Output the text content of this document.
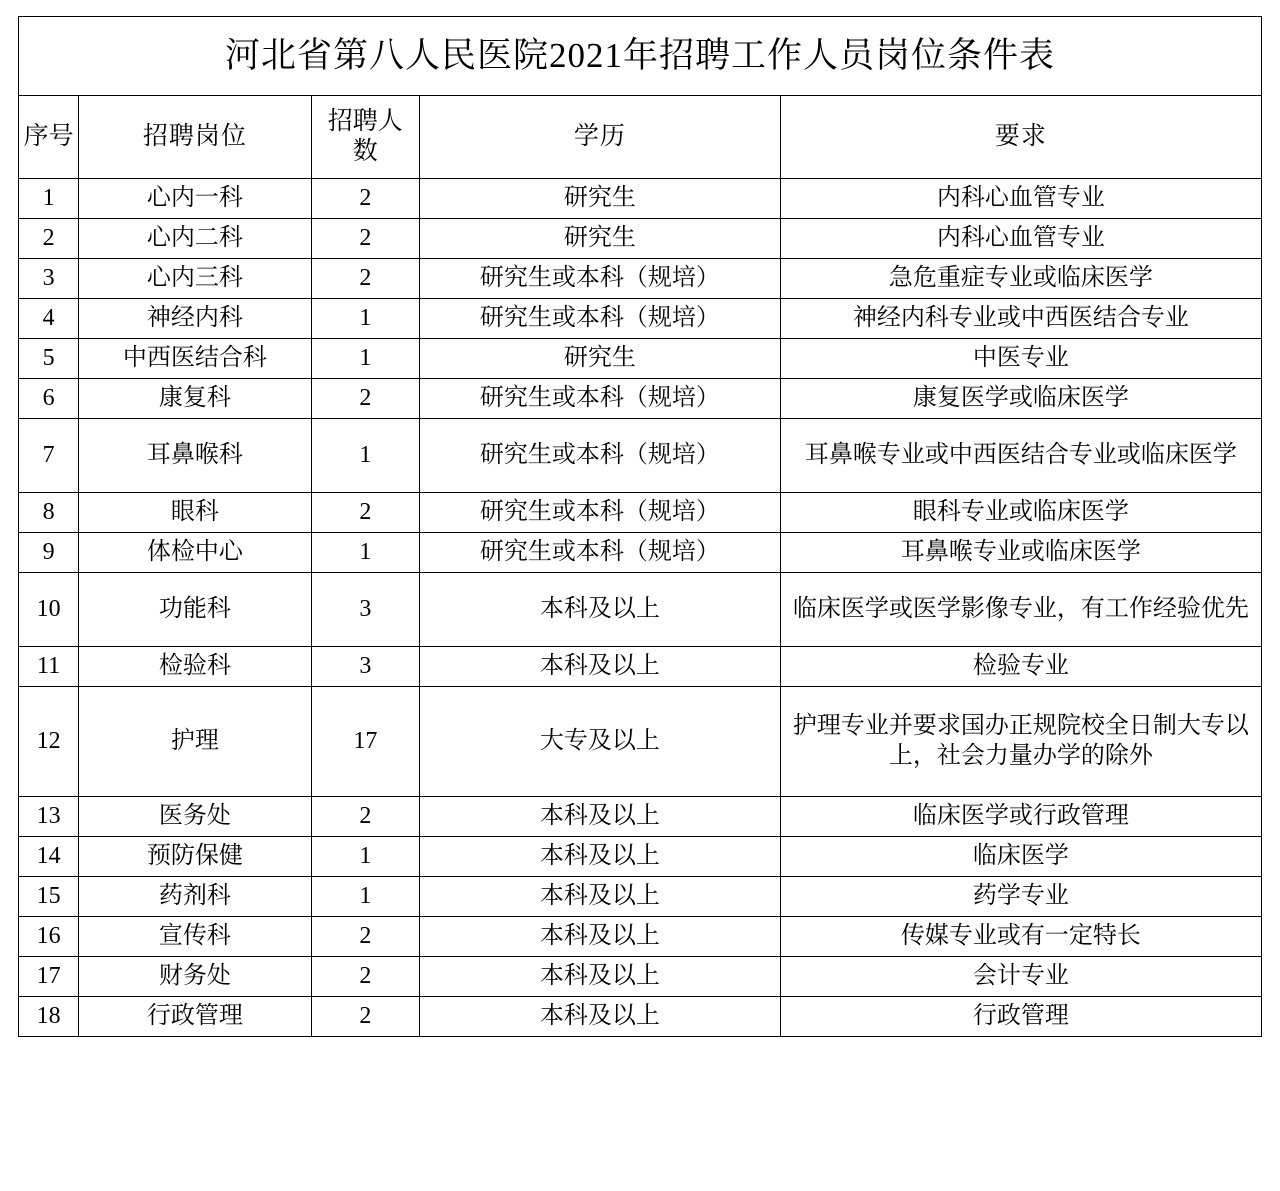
河北省第八人民医院2021年招聘工作人员岗位条件表				
序号	招聘岗位	招聘人数	学历	要求
1	心内一科	2	研究生	内科心血管专业
2	心内二科	2	研究生	内科心血管专业
3	心内三科	2	研究生或本科（规培）	急危重症专业或临床医学
4	神经内科	1	研究生或本科（规培）	神经内科专业或中西医结合专业
5	中西医结合科	1	研究生	中医专业
6	康复科	2	研究生或本科（规培）	康复医学或临床医学
7	耳鼻喉科	1	研究生或本科（规培）	耳鼻喉专业或中西医结合专业或临床医学
8	眼科	2	研究生或本科（规培）	眼科专业或临床医学
9	体检中心	1	研究生或本科（规培）	耳鼻喉专业或临床医学
10	功能科	3	本科及以上	临床医学或医学影像专业，有工作经验优先
11	检验科	3	本科及以上	检验专业
12	护理	17	大专及以上	护理专业并要求国办正规院校全日制大专以上，社会力量办学的除外
13	医务处	2	本科及以上	临床医学或行政管理
14	预防保健	1	本科及以上	临床医学
15	药剂科	1	本科及以上	药学专业
16	宣传科	2	本科及以上	传媒专业或有一定特长
17	财务处	2	本科及以上	会计专业
18	行政管理	2	本科及以上	行政管理
